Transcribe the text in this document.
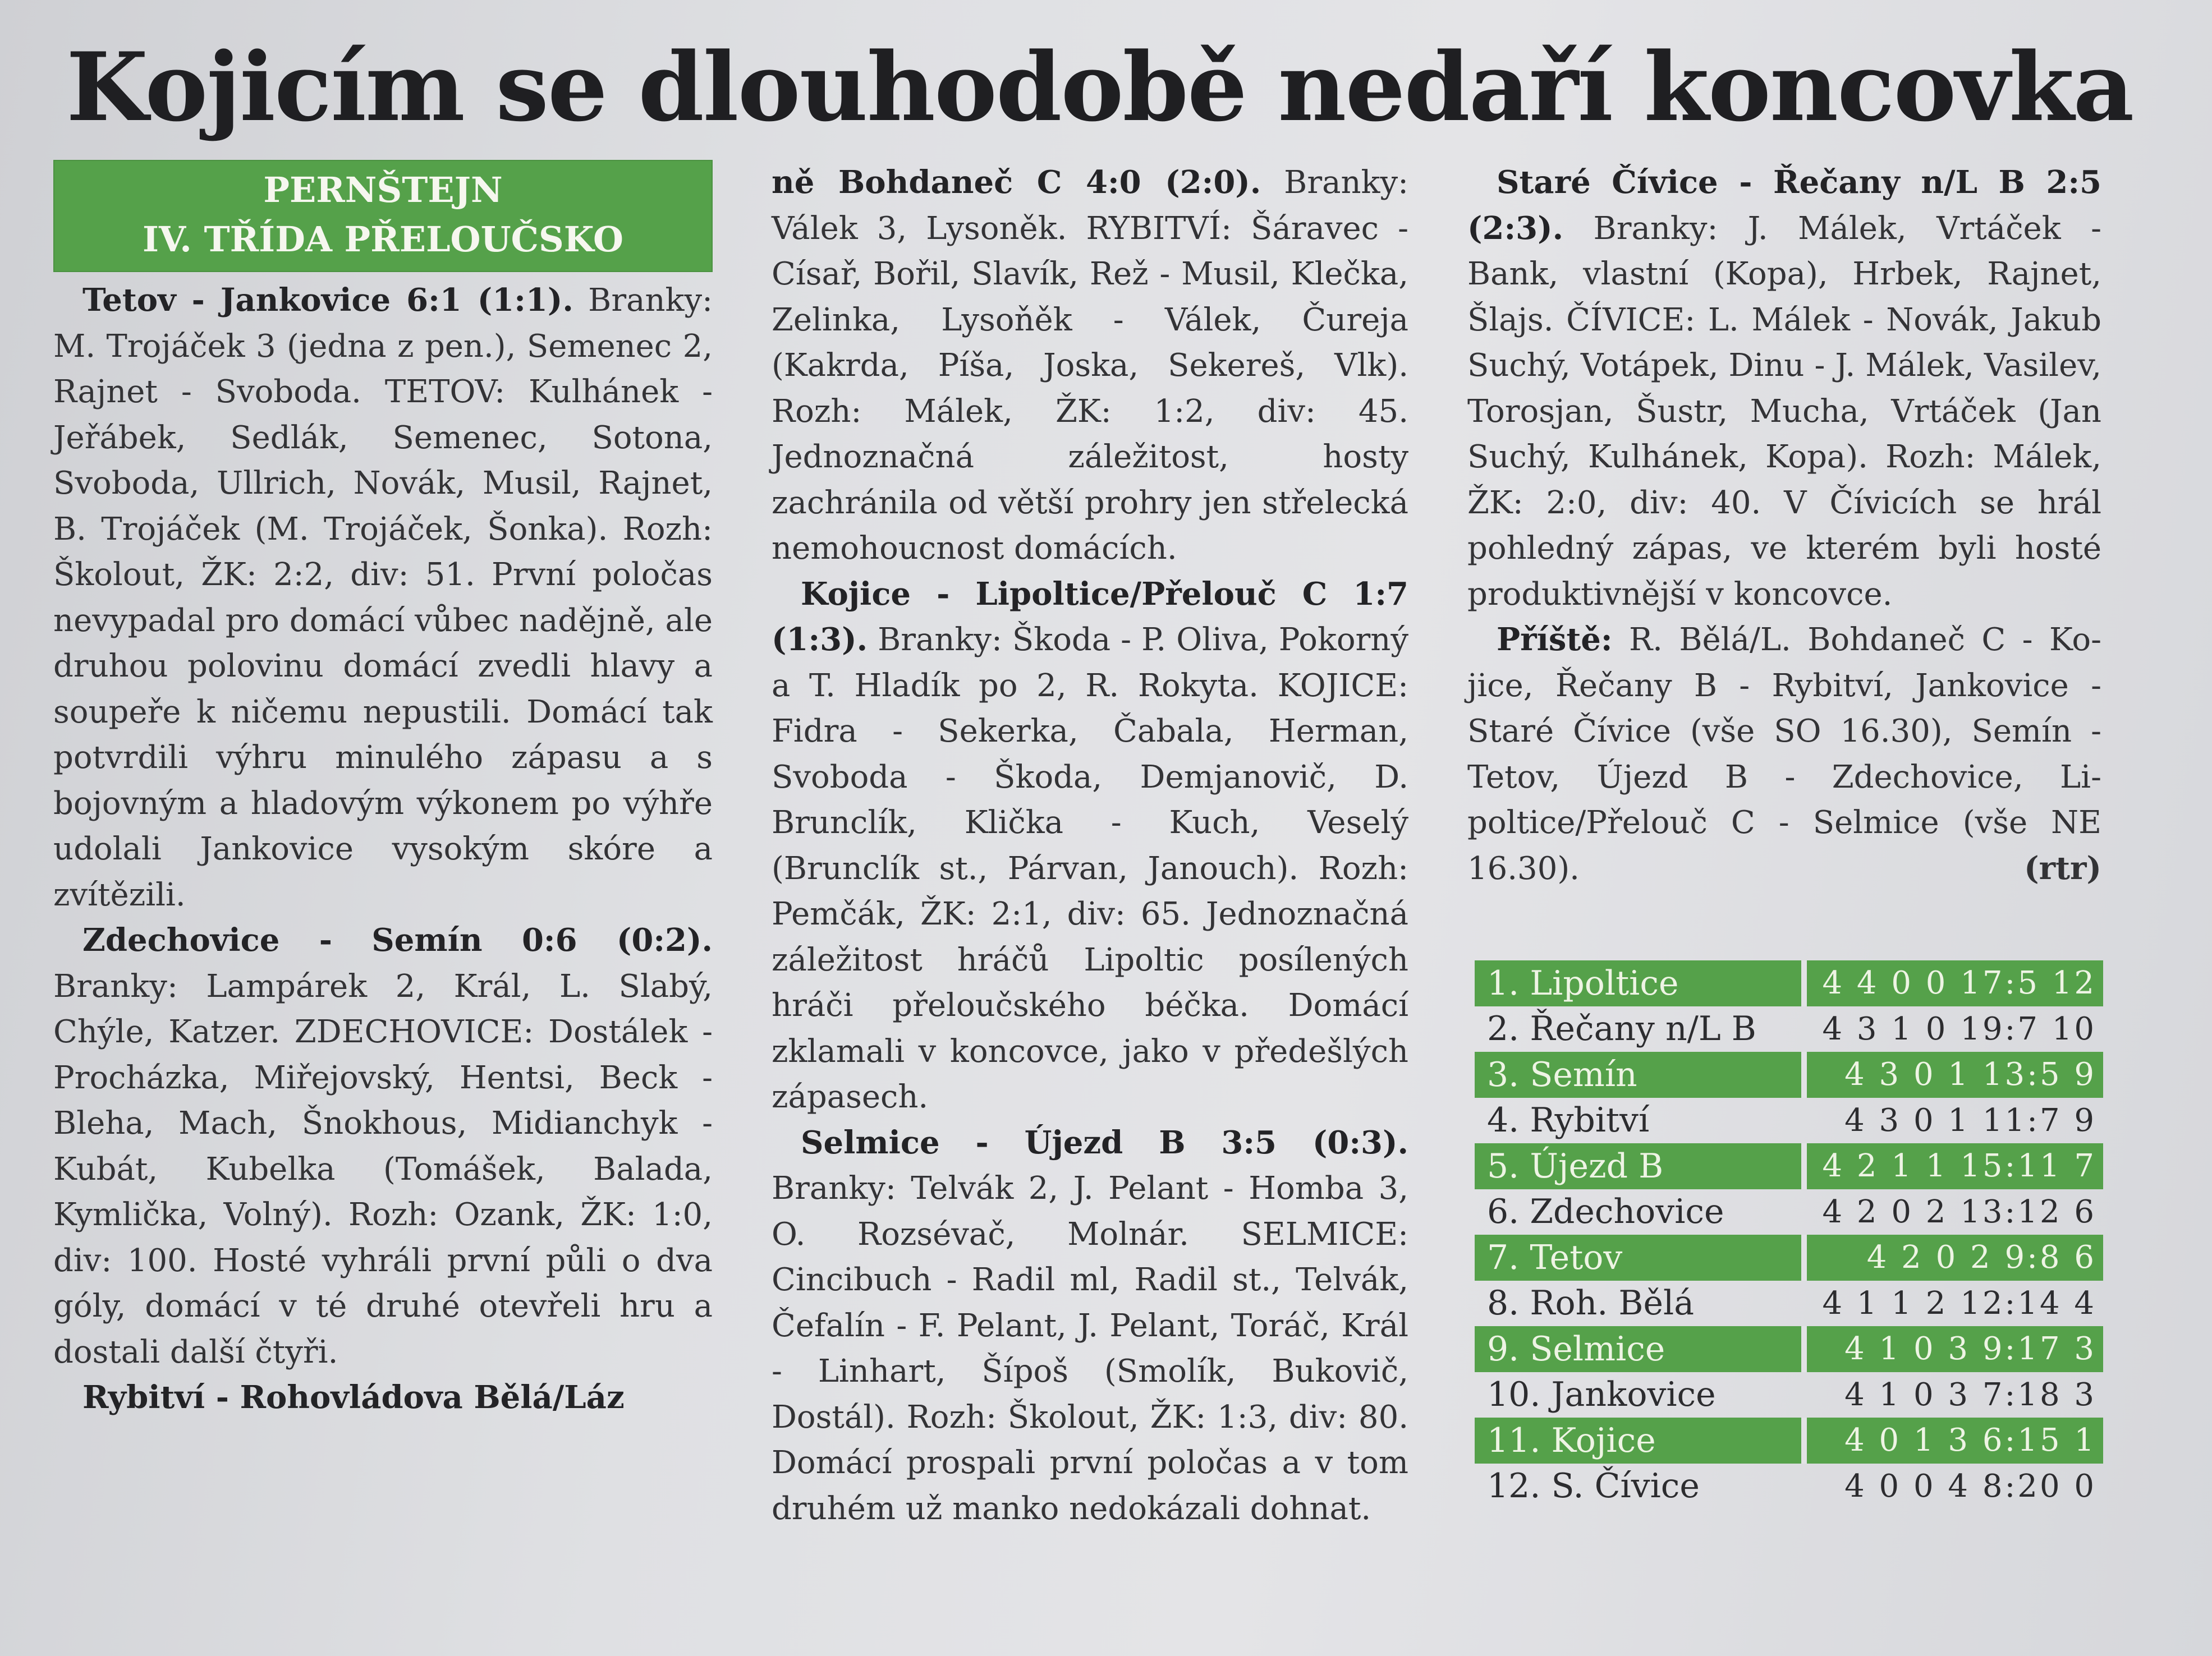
Kojicím se dlouhodobě nedaří koncovka
PERNŠTEJN
IV. TŘÍDA PŘELOUČSKO

Tetov - Jankovice 6:1 (1:1). Branky: M. Trojáček 3 (jedna z pen.), Semenec 2, Rajnet - Svoboda. TETOV: Kulhánek - Jeřábek, Sedlák, Semenec, Sotona, Svoboda, Ullrich, Novák, Musil, Rajnet, B. Trojáček (M. Trojáček, Šonka). Rozh: Školout, ŽK: 2:2, div: 51. První poločas nevypadal pro domácí vůbec nadějně, ale druhou polovinu domácí zvedli hlavy a soupeře k ničemu nepustili. Domácí tak potvrdili výhru minulého zápasu a s bojovným a hladovým výkonem po výhře udolali Jankovice vysokým skóre a zvítězili.

Zdechovice - Semín 0:6 (0:2). Branky: Lampárek 2, Král, L. Slabý, Chýle, Katzer. ZDECHOVICE: Dostálek - Procházka, Miřejovský, Hentsi, Beck - Bleha, Mach, Šnokhous, Midianchyk - Kubát, Kubelka (Tomášek, Balada, Kymlička, Volný). Rozh: Ozank, ŽK: 1:0, div: 100. Hosté vyhráli první půli o dva góly, domácí v té druhé otevřeli hru a dostali další čtyři.

Rybitví - Rohovládova Bělá/Láz

ně Bohdaneč C 4:0 (2:0). Branky: Válek 3, Lysoněk. RYBITVÍ: Šáravec - Císař, Bořil, Slavík, Rež - Musil, Klečka, Zelinka, Lysoňěk - Válek, Čureja (Kakrda, Píša, Joska, Sekereš, Vlk). Rozh: Málek, ŽK: 1:2, div: 45. Jednoznačná záležitost, hosty zachránila od větší prohry jen střelecká nemohoucnost domácích.

Kojice - Lipoltice/Přelouč C 1:7 (1:3). Branky: Škoda - P. Oliva, Pokorný a T. Hladík po 2, R. Rokyta. KOJICE: Fidra - Sekerka, Čabala, Herman, Svoboda - Škoda, Demjanovič, D. Brunclík, Klička - Kuch, Veselý (Brunclík st., Párvan, Janouch). Rozh: Pemčák, ŽK: 2:1, div: 65. Jednoznačná záležitost hráčů Lipoltic posílených hráči přeloučského béčka. Domácí zklamali v koncovce, jako v předešlých zápasech.

Selmice - Újezd B 3:5 (0:3). Branky: Telvák 2, J. Pelant - Homba 3, O. Rozsévač, Molnár. SELMICE: Cincibuch - Radil ml, Radil st., Telvák, Čefalín - F. Pelant, J. Pelant, Toráč, Král - Linhart, Šípoš (Smolík, Bukovič, Dostál). Rozh: Školout, ŽK: 1:3, div: 80. Domácí prospali první poločas a v tom druhém už manko nedokázali dohnat.

Staré Čívice - Řečany n/L B 2:5 (2:3). Branky: J. Málek, Vrtáček - Bank, vlastní (Kopa), Hrbek, Rajnet, Šlajs. ČÍVICE: L. Málek - Novák, Jakub Suchý, Votápek, Dinu - J. Málek, Vasilev, Torosjan, Šustr, Mucha, Vrtáček (Jan Suchý, Kulhánek, Kopa). Rozh: Málek, ŽK: 2:0, div: 40. V Čívicích se hrál pohledný zápas, ve kterém byli hosté produktivnější v koncovce.

Příště: R. Bělá/L. Bohdaneč C - Kojice, Řečany B - Rybitví, Jankovice - Staré Čívice (vše SO 16.30), Semín - Tetov, Újezd B - Zdechovice, Lipoltice/Přelouč C - Selmice (vše NE 16.30).	(rtr)

1. Lipoltice	4 4 0 0 17:5 12
2. Řečany n/L B	4 3 1 0 19:7 10
3. Semín	4 3 0 1 13:5 9
4. Rybitví	4 3 0 1 11:7 9
5. Újezd B	4 2 1 1 15:11 7
6. Zdechovice	4 2 0 2 13:12 6
7. Tetov	4 2 0 2 9:8 6
8. Roh. Bělá	4 1 1 2 12:14 4
9. Selmice	4 1 0 3 9:17 3
10. Jankovice	4 1 0 3 7:18 3
11. Kojice	4 0 1 3 6:15 1
12. S. Čívice	4 0 0 4 8:20 0
